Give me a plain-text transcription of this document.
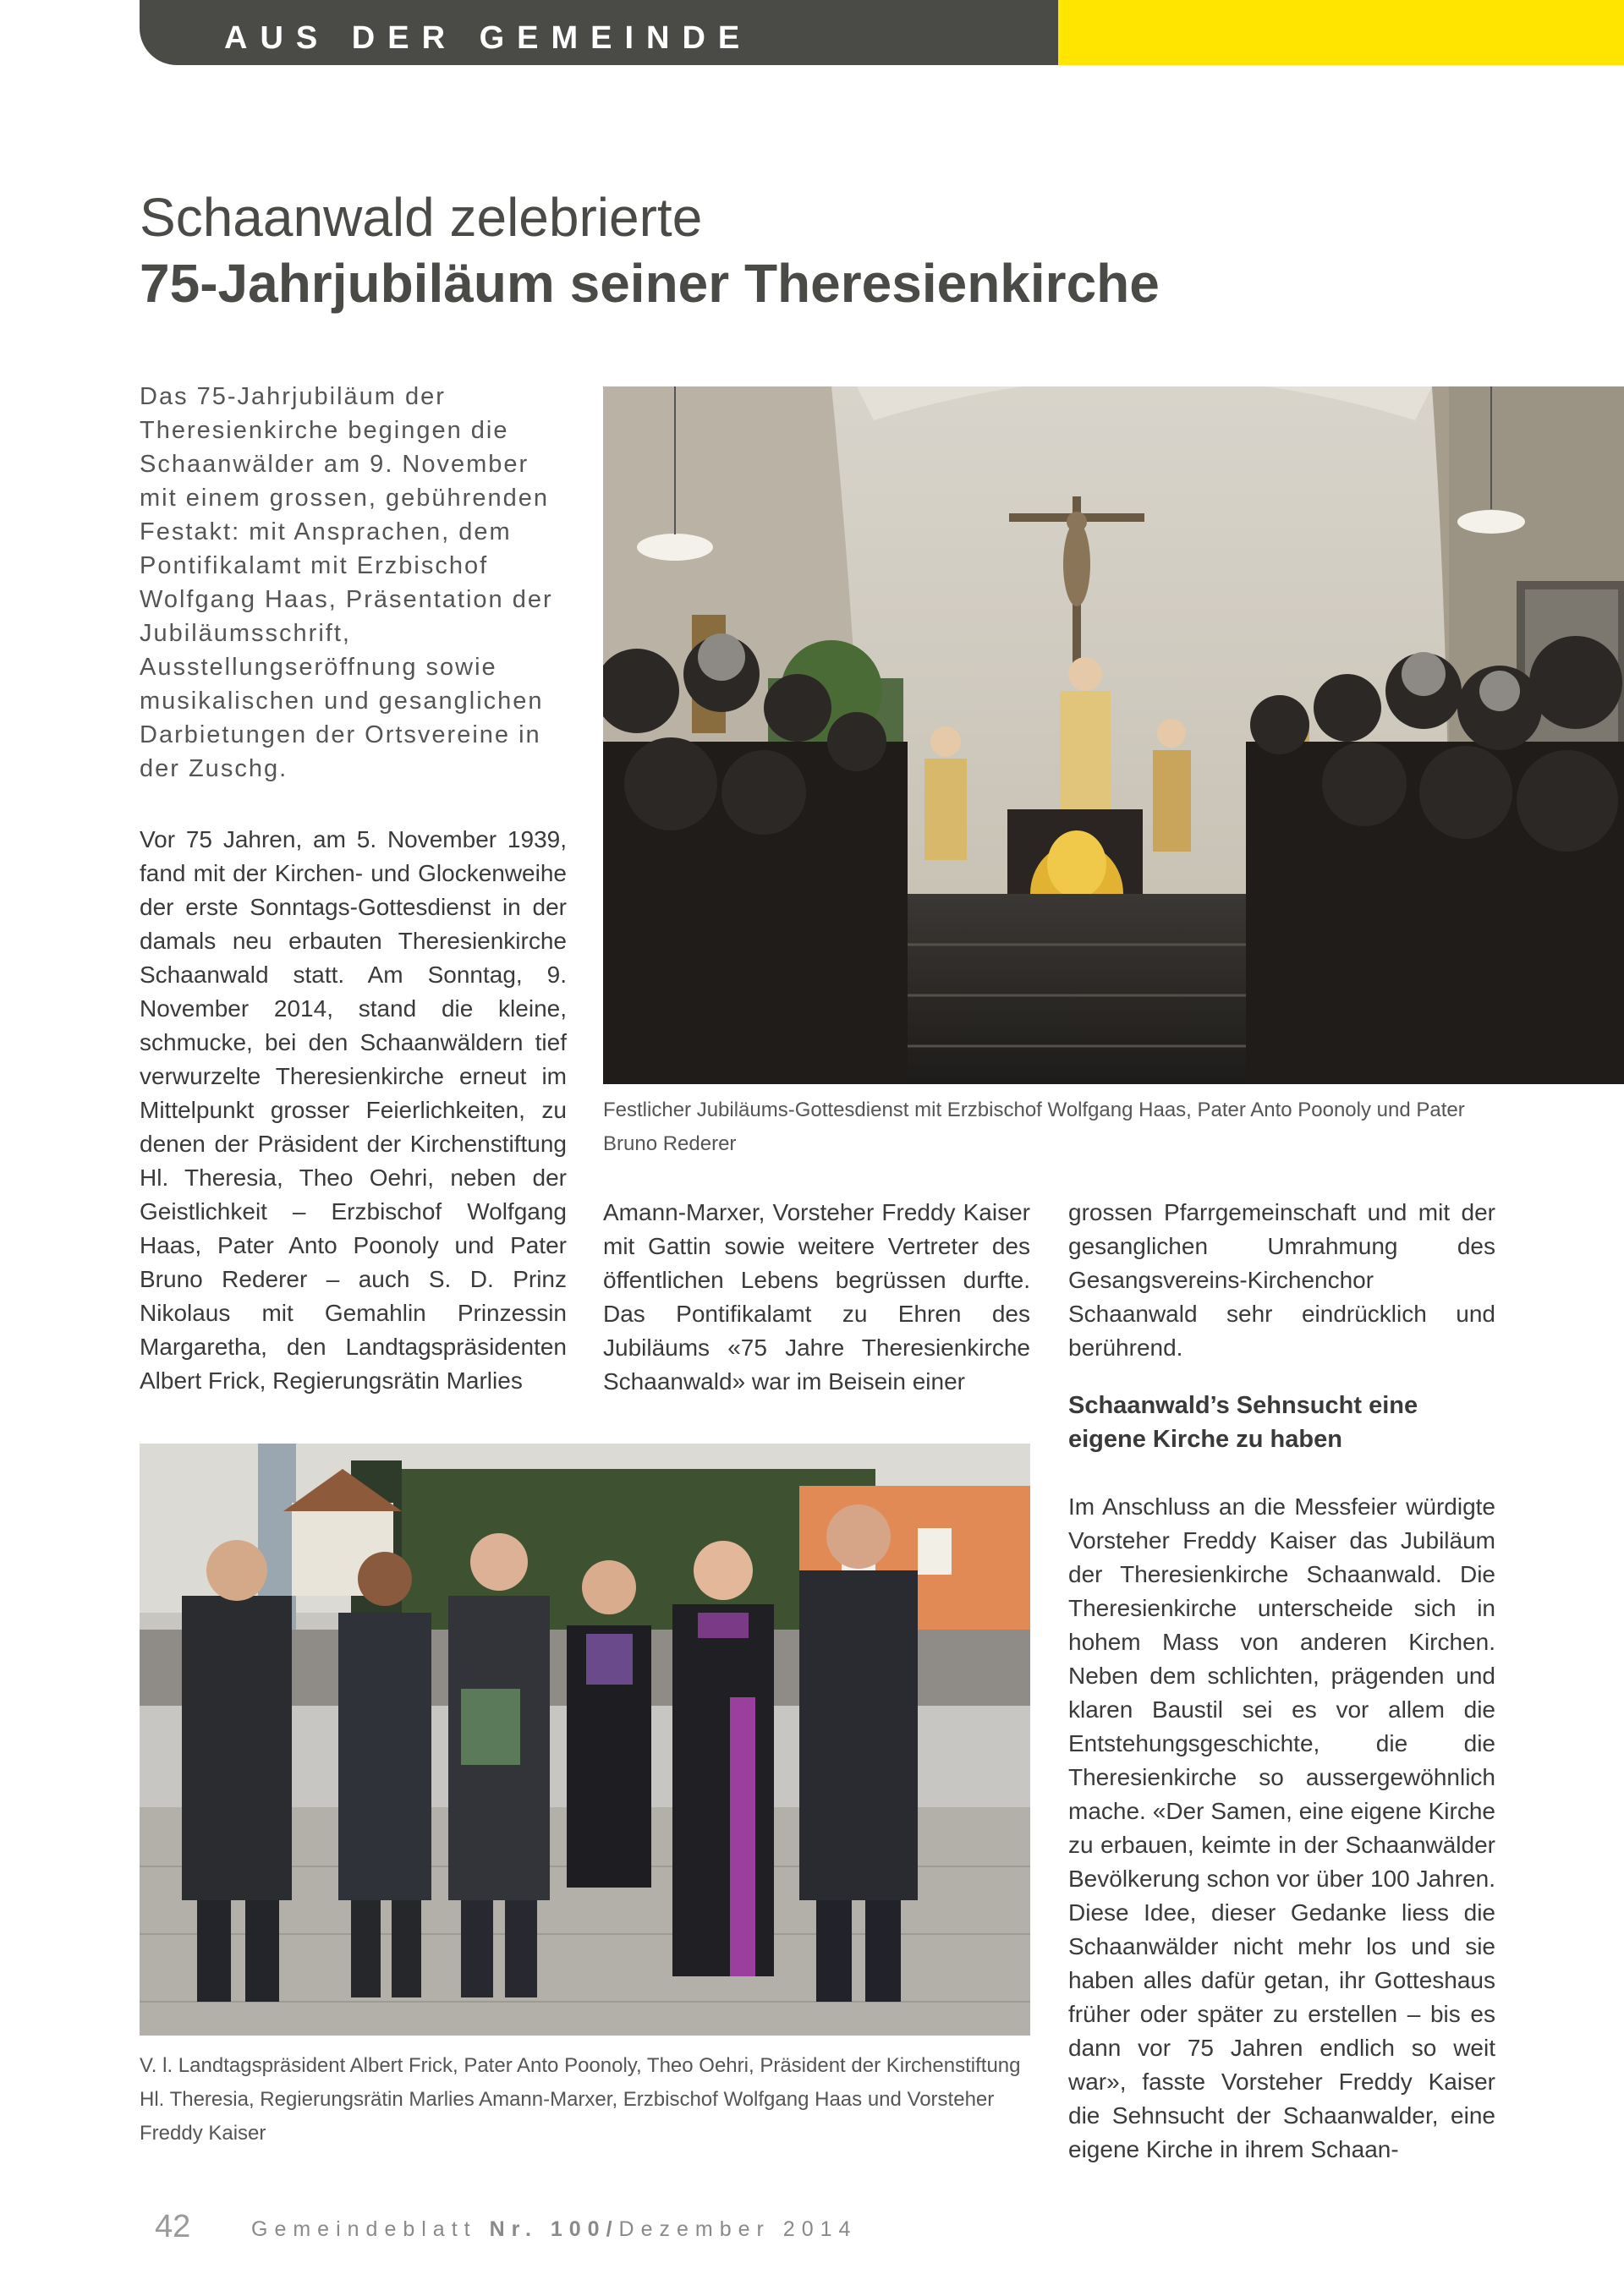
AUS DER GEMEINDE
Schaanwald zelebrierte
75-Jahrjubiläum seiner Theresienkirche
Das 75-Jahrjubiläum der Theresienkirche begingen die Schaanwälder am 9. November mit einem grossen, gebührenden Festakt: mit Ansprachen, dem Pontifikalamt mit Erzbischof Wolfgang Haas, Präsentation der Jubiläumsschrift, Ausstellungseröffnung sowie musikalischen und gesanglichen Darbietungen der Ortsvereine in der Zuschg.

Vor 75 Jahren, am 5. November 1939, fand mit der Kirchen- und Glockenweihe der erste Sonntags-Gottesdienst in der damals neu erbauten Theresienkirche Schaanwald statt. Am Sonntag, 9. November 2014, stand die kleine, schmucke, bei den Schaanwäldern tief verwurzelte Theresienkirche erneut im Mittelpunkt grosser Feierlichkeiten, zu denen der Präsident der Kirchenstiftung Hl. Theresia, Theo Oehri, neben der Geistlichkeit – Erzbischof Wolfgang Haas, Pater Anto Poonoly und Pater Bruno Rederer – auch S. D. Prinz Nikolaus mit Gemahlin Prinzessin Margaretha, den Landtagspräsidenten Albert Frick, Regierungsrätin Marlies

Festlicher Jubiläums-Gottesdienst mit Erzbischof Wolfgang Haas, Pater Anto Poonoly und Pater Bruno Rederer

Amann-Marxer, Vorsteher Freddy Kaiser mit Gattin sowie weitere Vertreter des öffentlichen Lebens begrüssen durfte. Das Pontifikalamt zu Ehren des Jubiläums «75 Jahre Theresienkirche Schaanwald» war im Beisein einer

grossen Pfarrgemeinschaft und mit der gesanglichen Umrahmung des Gesangsvereins-Kirchenchor Schaanwald sehr eindrücklich und berührend.

Schaanwald’s Sehnsucht eine eigene Kirche zu haben

Im Anschluss an die Messfeier würdigte Vorsteher Freddy Kaiser das Jubiläum der Theresienkirche Schaanwald. Die Theresienkirche unterscheide sich in hohem Mass von anderen Kirchen. Neben dem schlichten, prägenden und klaren Baustil sei es vor allem die Entstehungsgeschichte, die die Theresienkirche so aussergewöhnlich mache. «Der Samen, eine eigene Kirche zu erbauen, keimte in der Schaanwälder Bevölkerung schon vor über 100 Jahren. Diese Idee, dieser Gedanke liess die Schaanwälder nicht mehr los und sie haben alles dafür getan, ihr Gotteshaus früher oder später zu erstellen – bis es dann vor 75 Jahren endlich so weit war», fasste Vorsteher Freddy Kaiser die Sehnsucht der Schaanwalder, eine eigene Kirche in ihrem Schaan-

V. l. Landtagspräsident Albert Frick, Pater Anto Poonoly, Theo Oehri, Präsident der Kirchenstiftung Hl. Theresia, Regierungsrätin Marlies Amann-Marxer, Erzbischof Wolfgang Haas und Vorsteher Freddy Kaiser
42	Gemeindeblatt Nr. 100/Dezember 2014
